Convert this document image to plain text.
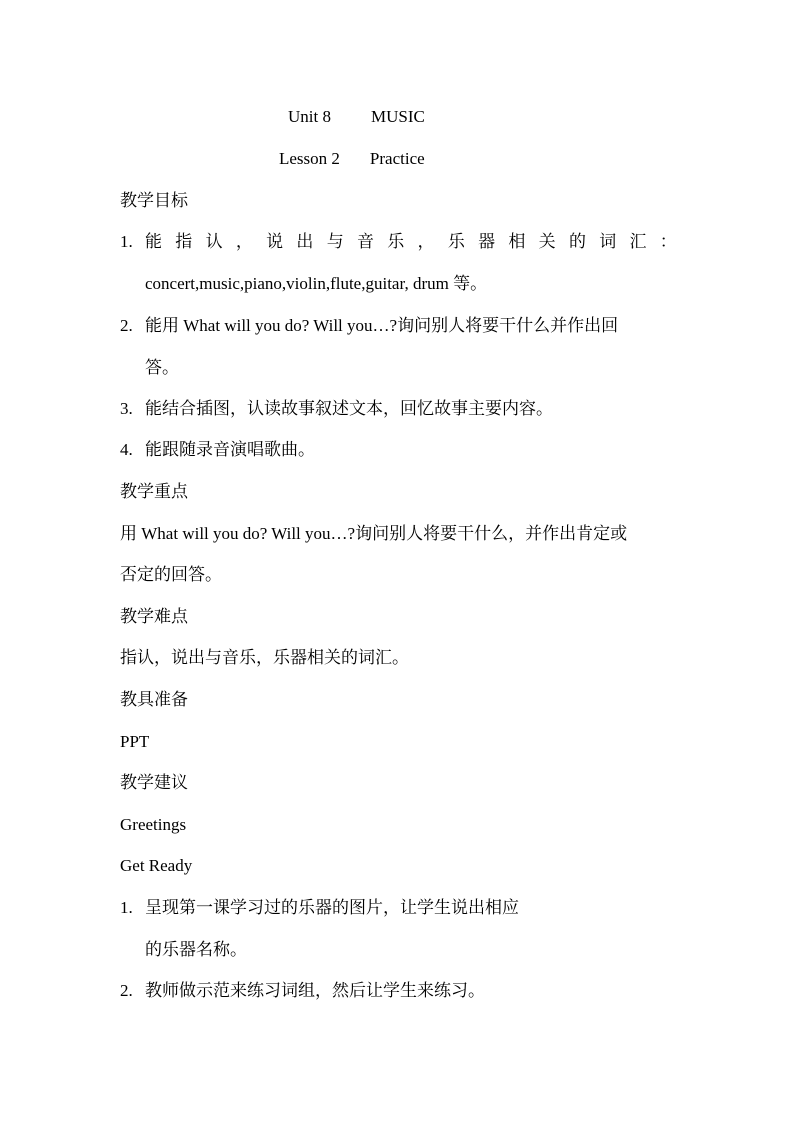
Unit 8 MUSIC
Lesson 2 Practice
教学目标
1. 能 指 认 ， 说 出 与 音 乐 ， 乐 器 相 关 的 词 汇 ：
concert,music,piano,violin,flute,guitar, drum 等。
2. 能用 What will you do? Will you…?询问别人将要干什么并作出回
答。
3. 能结合插图，认读故事叙述文本，回忆故事主要内容。
4. 能跟随录音演唱歌曲。
教学重点
用 What will you do? Will you…?询问别人将要干什么，并作出肯定或
否定的回答。
教学难点
指认，说出与音乐，乐器相关的词汇。
教具准备
PPT
教学建议
Greetings
Get Ready
1. 呈现第一课学习过的乐器的图片，让学生说出相应
的乐器名称。
2. 教师做示范来练习词组，然后让学生来练习。
